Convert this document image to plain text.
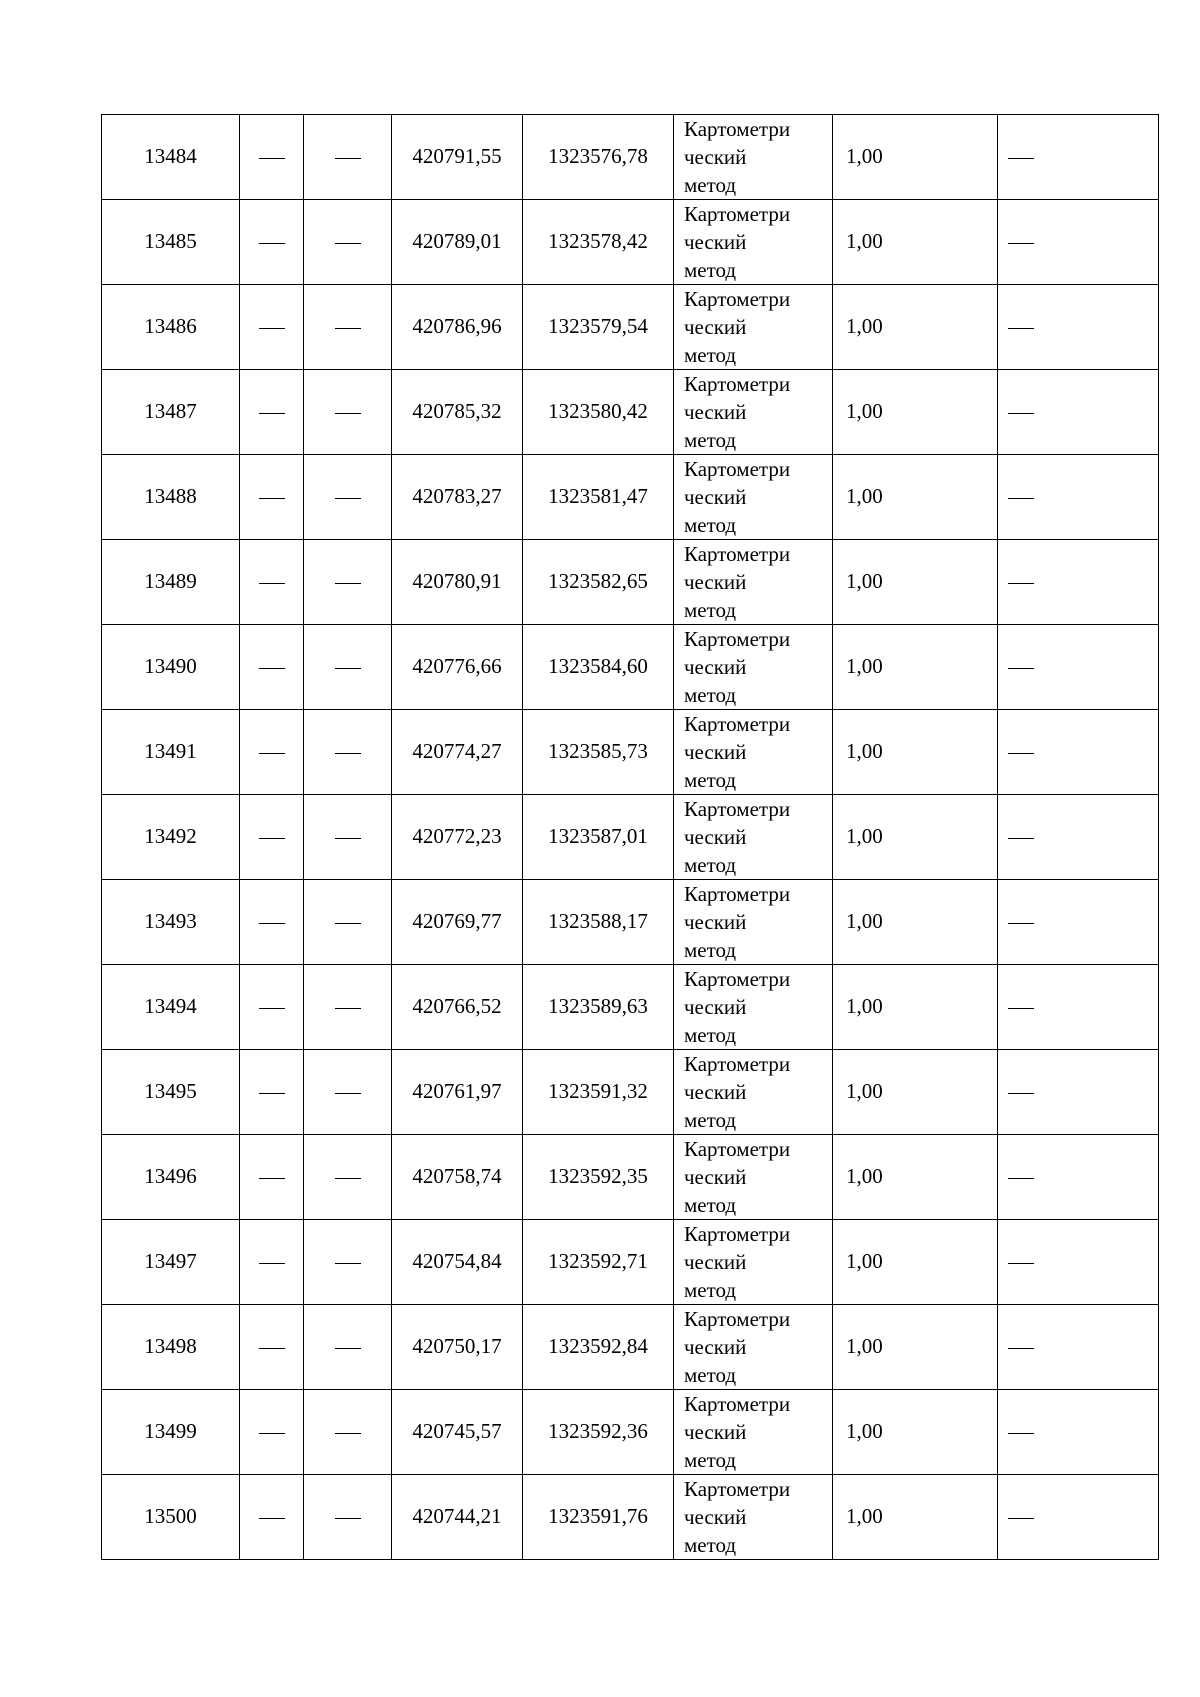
13484			420791,55	1323576,78	Картометри
ческий
метод	1,00	
13485			420789,01	1323578,42	Картометри
ческий
метод	1,00	
13486			420786,96	1323579,54	Картометри
ческий
метод	1,00	
13487			420785,32	1323580,42	Картометри
ческий
метод	1,00	
13488			420783,27	1323581,47	Картометри
ческий
метод	1,00	
13489			420780,91	1323582,65	Картометри
ческий
метод	1,00	
13490			420776,66	1323584,60	Картометри
ческий
метод	1,00	
13491			420774,27	1323585,73	Картометри
ческий
метод	1,00	
13492			420772,23	1323587,01	Картометри
ческий
метод	1,00	
13493			420769,77	1323588,17	Картометри
ческий
метод	1,00	
13494			420766,52	1323589,63	Картометри
ческий
метод	1,00	
13495			420761,97	1323591,32	Картометри
ческий
метод	1,00	
13496			420758,74	1323592,35	Картометри
ческий
метод	1,00	
13497			420754,84	1323592,71	Картометри
ческий
метод	1,00	
13498			420750,17	1323592,84	Картометри
ческий
метод	1,00	
13499			420745,57	1323592,36	Картометри
ческий
метод	1,00	
13500			420744,21	1323591,76	Картометри
ческий
метод	1,00	
